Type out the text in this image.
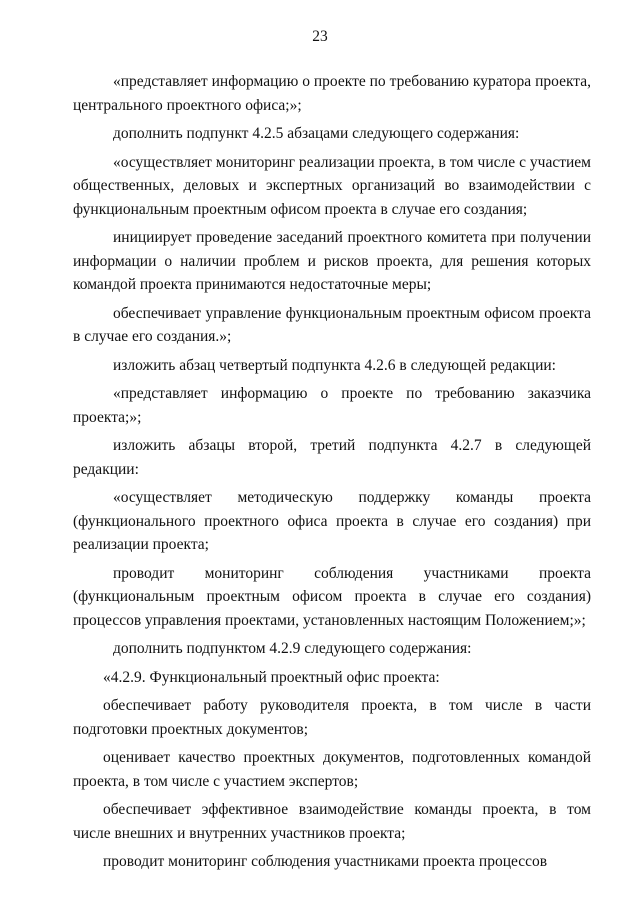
23

«представляет информацию о проекте по требованию куратора проекта, центрального проектного офиса;»;

дополнить подпункт 4.2.5 абзацами следующего содержания:

«осуществляет мониторинг реализации проекта, в том числе с участием общественных, деловых и экспертных организаций во взаимодействии с функциональным проектным офисом проекта в случае его создания;

инициирует проведение заседаний проектного комитета при получении информации о наличии проблем и рисков проекта, для решения которых командой проекта принимаются недостаточные меры;

обеспечивает управление функциональным проектным офисом проекта в случае его создания.»;

изложить абзац четвертый подпункта 4.2.6 в следующей редакции:

«представляет информацию о проекте по требованию заказчика проекта;»;

изложить абзацы второй, третий подпункта 4.2.7 в следующей редакции:

«осуществляет методическую поддержку команды проекта (функционального проектного офиса проекта в случае его создания) при реализации проекта;

проводит мониторинг соблюдения участниками проекта (функциональным проектным офисом проекта в случае его создания) процессов управления проектами, установленных настоящим Положением;»;

дополнить подпунктом 4.2.9 следующего содержания:

«4.2.9. Функциональный проектный офис проекта:

обеспечивает работу руководителя проекта, в том числе в части подготовки проектных документов;

оценивает качество проектных документов, подготовленных командой проекта, в том числе с участием экспертов;

обеспечивает эффективное взаимодействие команды проекта, в том числе внешних и внутренних участников проекта;

проводит мониторинг соблюдения участниками проекта процессов
